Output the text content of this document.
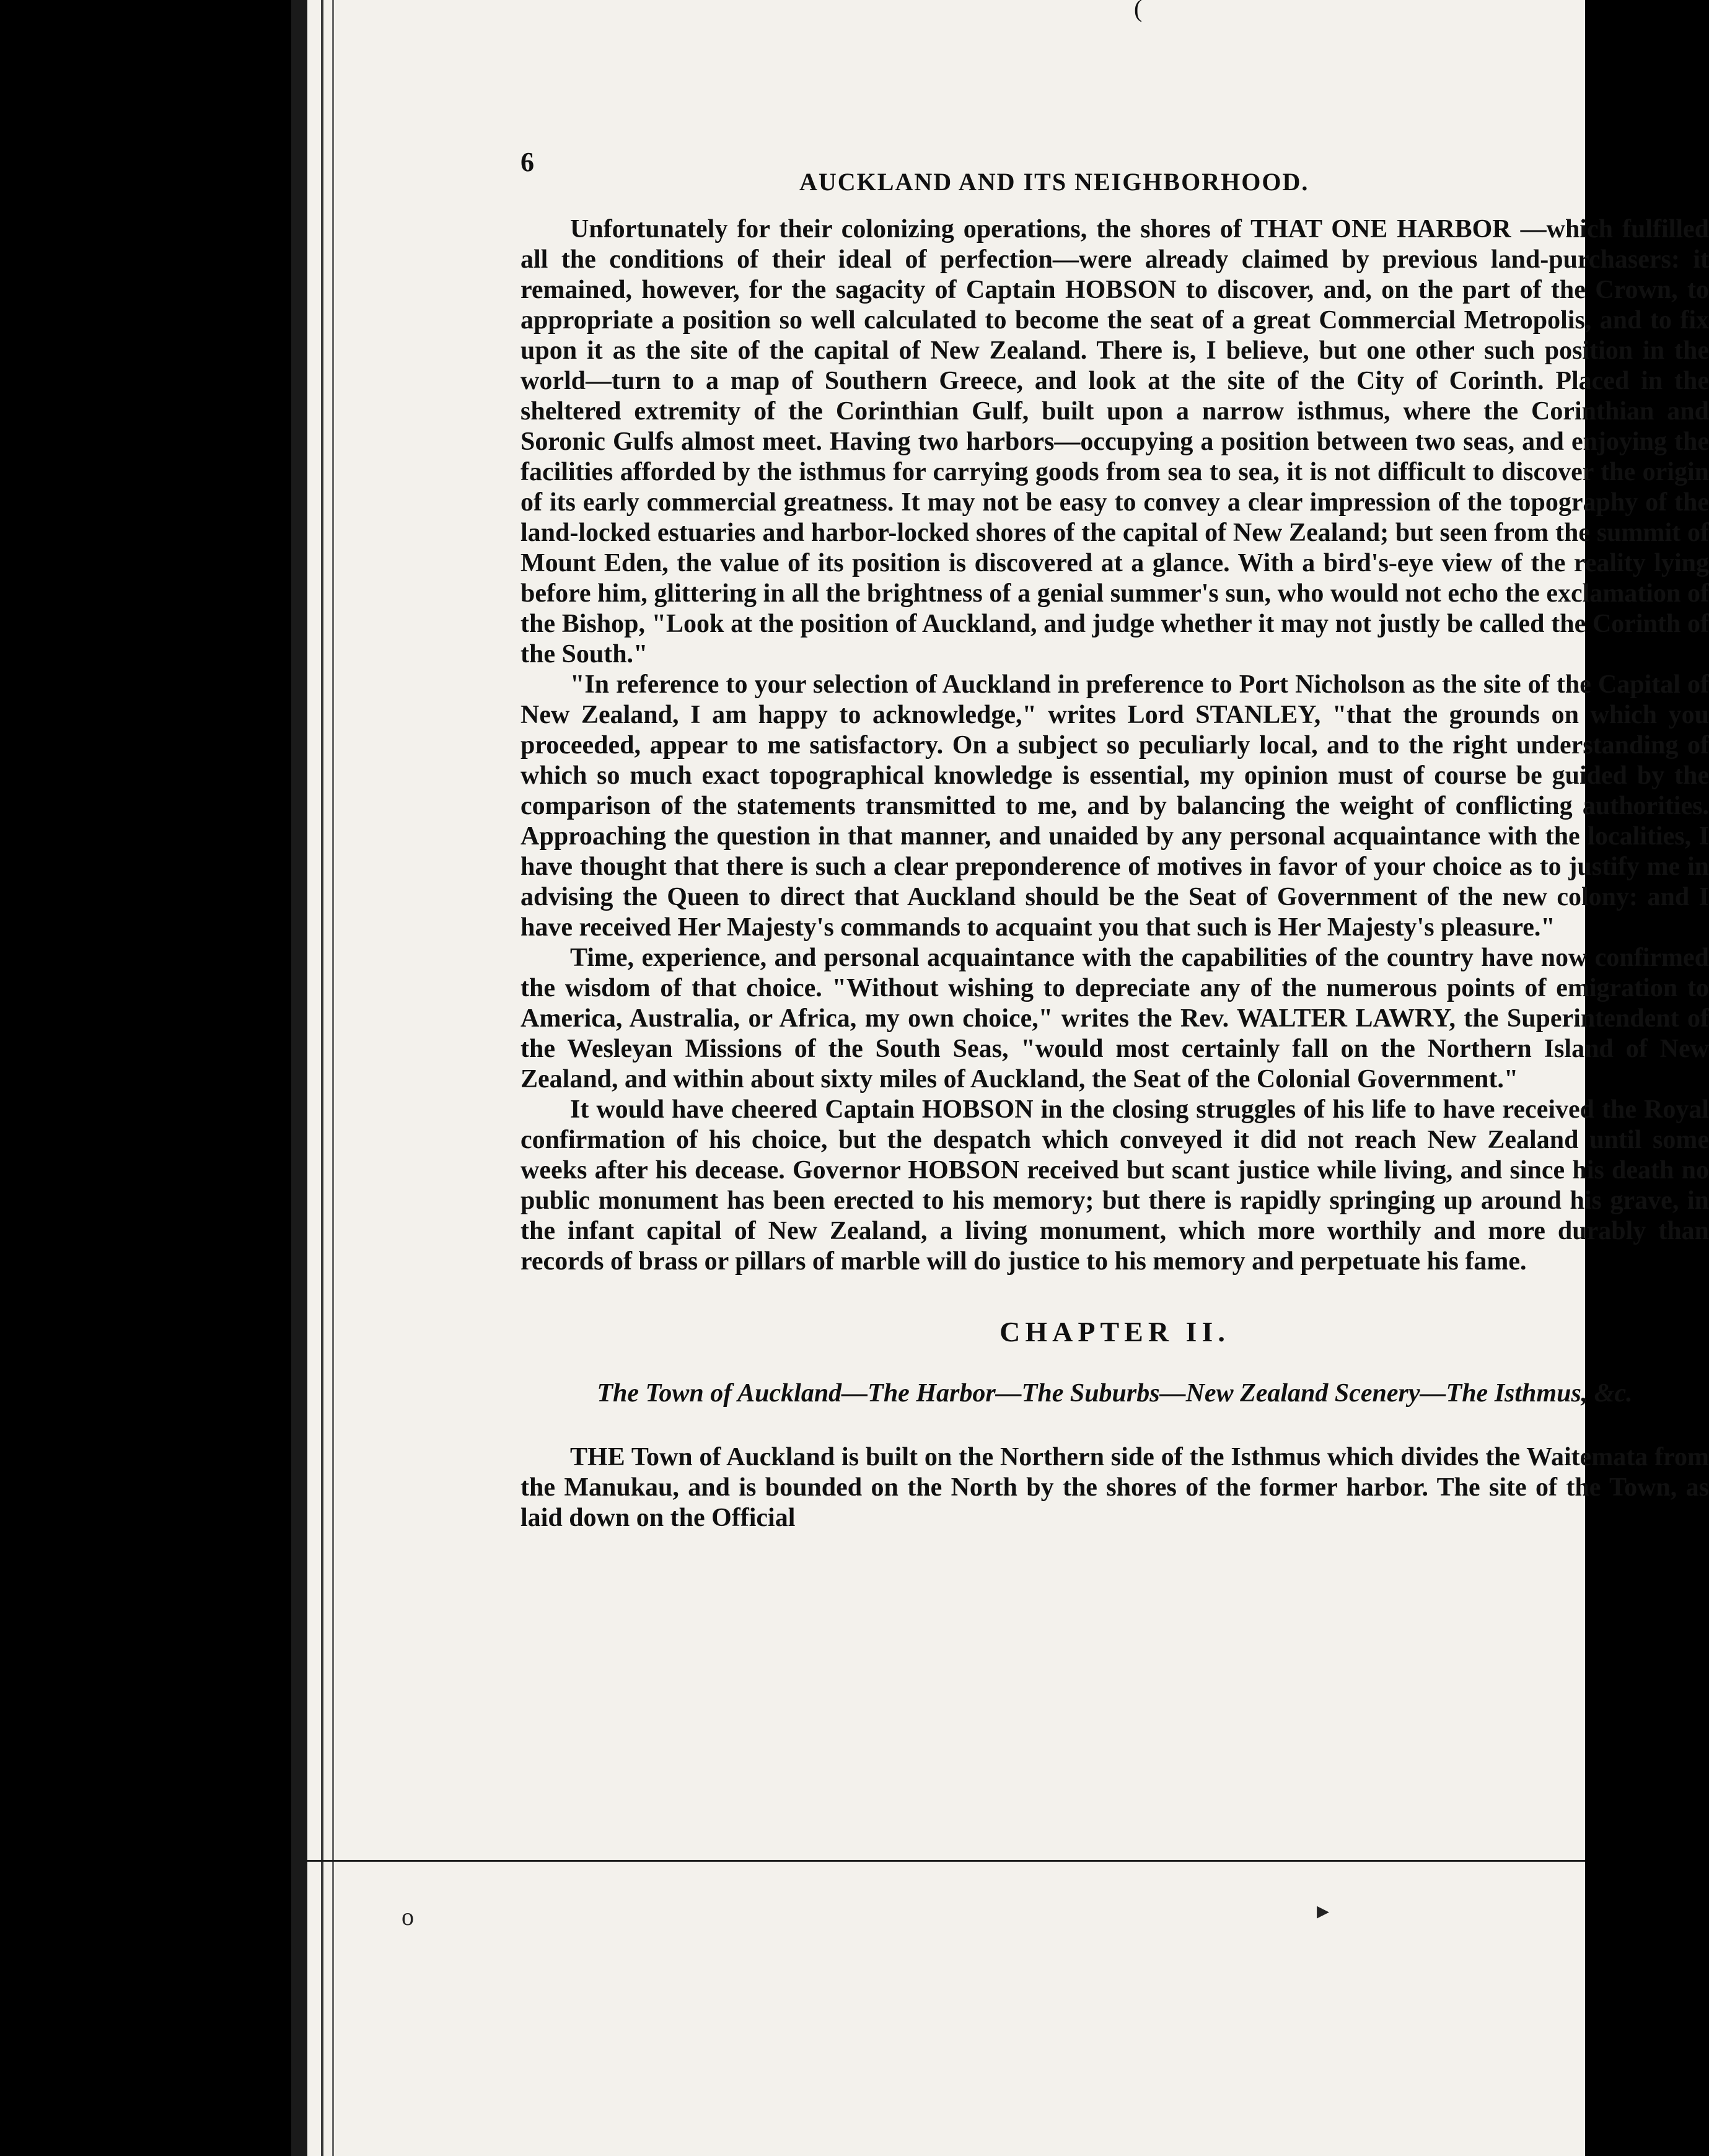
(
6
AUCKLAND AND ITS NEIGHBORHOOD.

Unfortunately for their colonizing operations, the shores of THAT ONE HARBOR —which fulfilled all the conditions of their ideal of perfection—were already claimed by previous land-purchasers: it remained, however, for the sagacity of Captain HOBSON to discover, and, on the part of the Crown, to appropriate a position so well calculated to become the seat of a great Commercial Metropolis, and to fix upon it as the site of the capital of New Zealand. There is, I believe, but one other such position in the world—turn to a map of Southern Greece, and look at the site of the City of Corinth. Placed in the sheltered extremity of the Corinthian Gulf, built upon a narrow isthmus, where the Corinthian and Soronic Gulfs almost meet. Having two harbors—occupying a position between two seas, and enjoying the facilities afforded by the isthmus for carrying goods from sea to sea, it is not difficult to discover the origin of its early commercial greatness. It may not be easy to convey a clear impression of the topography of the land-locked estuaries and harbor-locked shores of the capital of New Zealand; but seen from the summit of Mount Eden, the value of its position is discovered at a glance. With a bird's-eye view of the reality lying before him, glittering in all the brightness of a genial summer's sun, who would not echo the exclamation of the Bishop, "Look at the position of Auckland, and judge whether it may not justly be called the Corinth of the South."

"In reference to your selection of Auckland in preference to Port Nicholson as the site of the Capital of New Zealand, I am happy to acknowledge," writes Lord STANLEY, "that the grounds on which you proceeded, appear to me satisfactory. On a subject so peculiarly local, and to the right understanding of which so much exact topographical knowledge is essential, my opinion must of course be guided by the comparison of the statements transmitted to me, and by balancing the weight of conflicting authorities. Approaching the question in that manner, and unaided by any personal acquaintance with the localities, I have thought that there is such a clear preponderence of motives in favor of your choice as to justify me in advising the Queen to direct that Auckland should be the Seat of Government of the new colony: and I have received Her Majesty's commands to acquaint you that such is Her Majesty's pleasure."

Time, experience, and personal acquaintance with the capabilities of the country have now confirmed the wisdom of that choice. "Without wishing to depreciate any of the numerous points of emigration to America, Australia, or Africa, my own choice," writes the Rev. WALTER LAWRY, the Superintendent of the Wesleyan Missions of the South Seas, "would most certainly fall on the Northern Island of New Zealand, and within about sixty miles of Auckland, the Seat of the Colonial Government."

It would have cheered Captain HOBSON in the closing struggles of his life to have received the Royal confirmation of his choice, but the despatch which conveyed it did not reach New Zealand until some weeks after his decease. Governor HOBSON received but scant justice while living, and since his death no public monument has been erected to his memory; but there is rapidly springing up around his grave, in the infant capital of New Zealand, a living monument, which more worthily and more durably than records of brass or pillars of marble will do justice to his memory and perpetuate his fame.

CHAPTER II.
The Town of Auckland—The Harbor—The Suburbs—New Zealand Scenery—The Isthmus, &c.

THE Town of Auckland is built on the Northern side of the Isthmus which divides the Waitemata from the Manukau, and is bounded on the North by the shores of the former harbor. The site of the Town, as laid down on the Official

o	▸
